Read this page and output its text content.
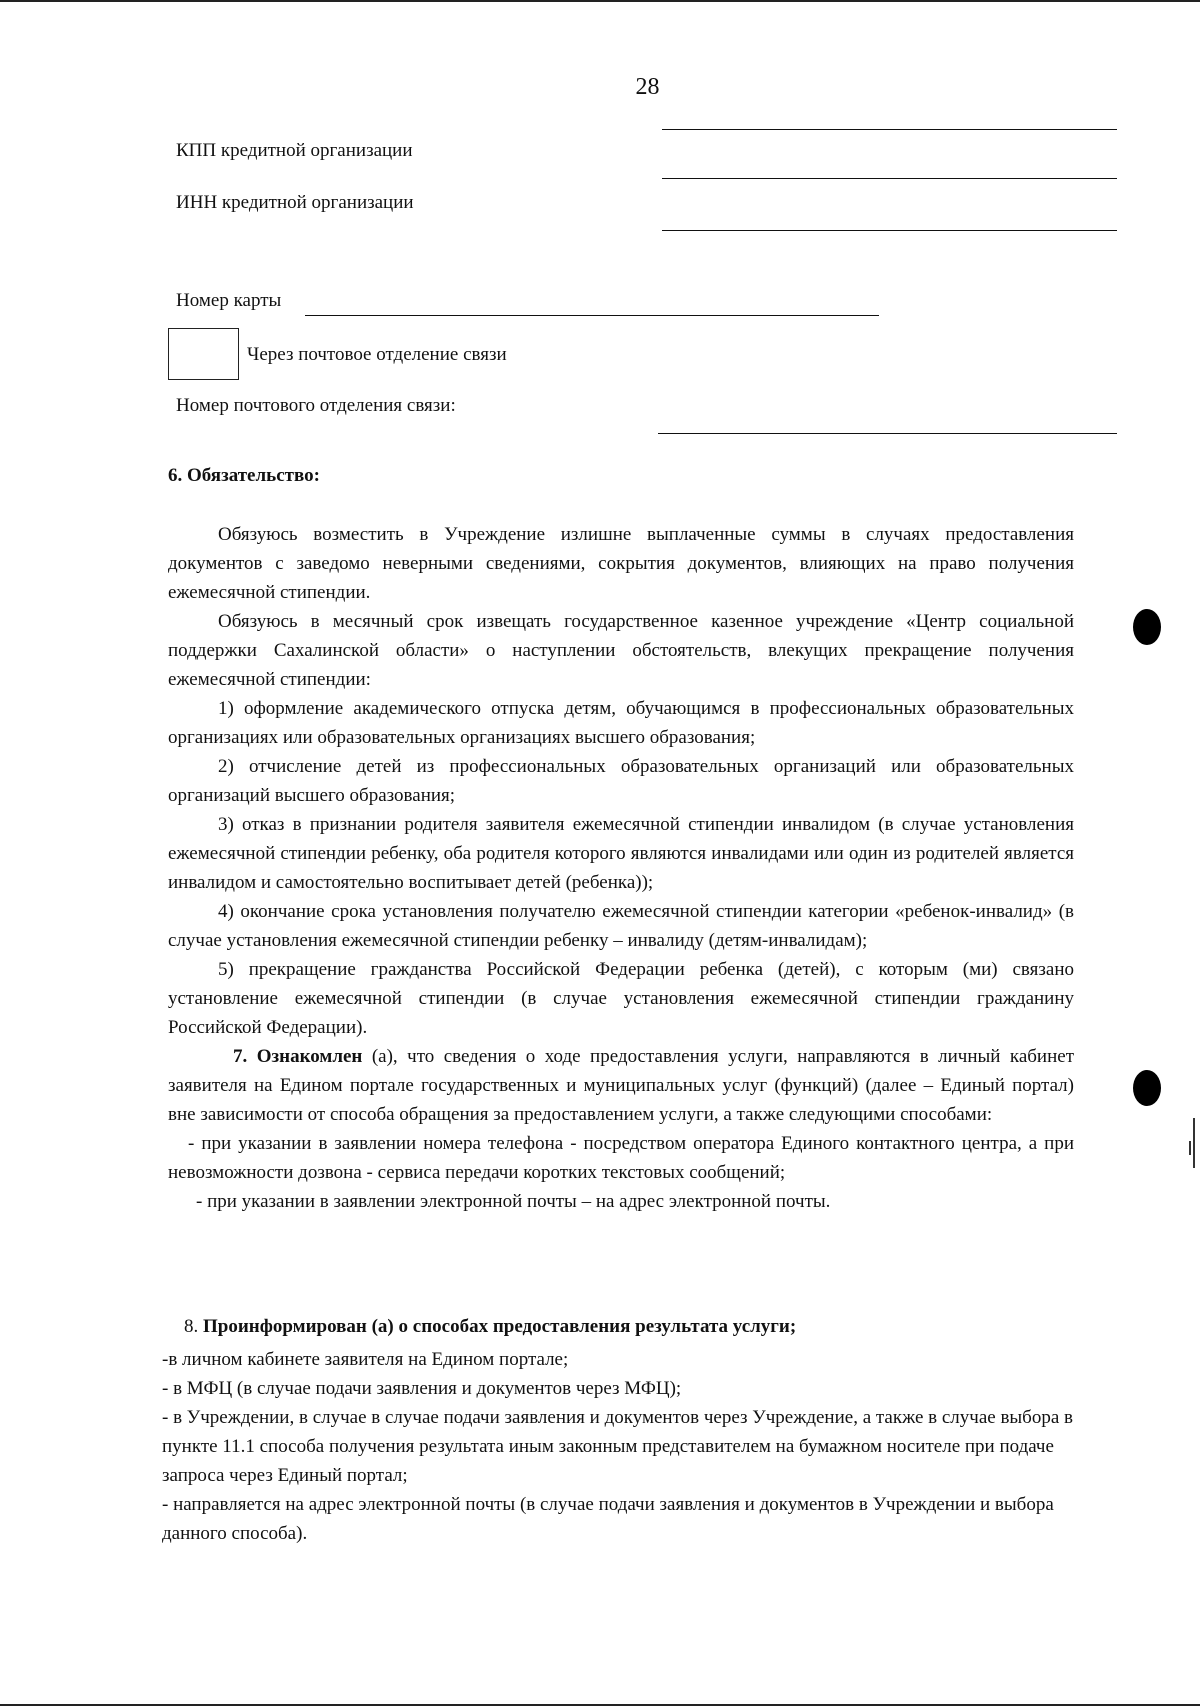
28
КПП кредитной организации
ИНН кредитной организации
Номер карты
Через почтовое отделение связи
Номер почтового отделения связи:
6. Обязательство:

Обязуюсь возместить в Учреждение излишне выплаченные суммы в случаях предоставления документов с заведомо неверными сведениями, сокрытия документов, влияющих на право получения ежемесячной стипендии.

Обязуюсь в месячный срок извещать государственное казенное учреждение «Центр социальной поддержки Сахалинской области» о наступлении обстоятельств, влекущих прекращение получения ежемесячной стипендии:

1) оформление академического отпуска детям, обучающимся в профессиональных образовательных организациях или образовательных организациях высшего образования;

2) отчисление детей из профессиональных образовательных организаций или образовательных организаций высшего образования;

3) отказ в признании родителя заявителя ежемесячной стипендии инвалидом (в случае установления ежемесячной стипендии ребенку, оба родителя которого являются инвалидами или один из родителей является инвалидом и самостоятельно воспитывает детей (ребенка));

4) окончание срока установления получателю ежемесячной стипендии категории «ребенок-инвалид» (в случае установления ежемесячной стипендии ребенку – инвалиду (детям-инвалидам);

5) прекращение гражданства Российской Федерации ребенка (детей), с которым (ми) связано установление ежемесячной стипендии (в случае установления ежемесячной стипендии гражданину Российской Федерации).

7. Ознакомлен (а), что сведения о ходе предоставления услуги, направляются в личный кабинет заявителя на Едином портале государственных и муниципальных услуг (функций) (далее – Единый портал) вне зависимости от способа обращения за предоставлением услуги, а также следующими способами:

- при указании в заявлении номера телефона - посредством оператора Единого контактного центра, а при невозможности дозвона - сервиса передачи коротких текстовых сообщений;

- при указании в заявлении электронной почты – на адрес электронной почты.

8. Проинформирован (а) о способах предоставления результата услуги;

-в личном кабинете заявителя на Едином портале;

- в МФЦ (в случае подачи заявления и документов через МФЦ);

- в Учреждении, в случае в случае подачи заявления и документов через Учреждение, а также в случае выбора в пункте 11.1 способа получения результата иным законным представителем на бумажном носителе при подаче запроса через Единый портал;

- направляется на адрес электронной почты (в случае подачи заявления и документов в Учреждении и выбора данного способа).
